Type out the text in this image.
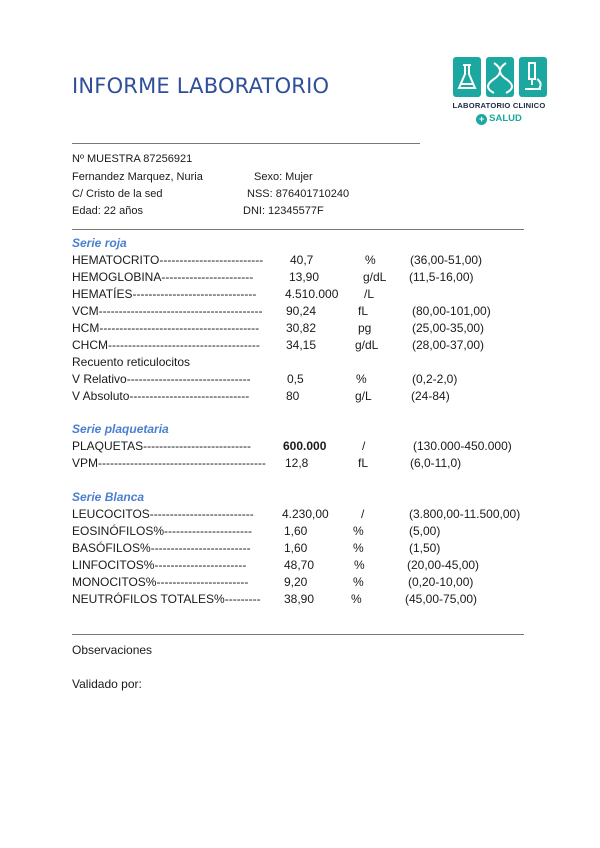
INFORME LABORATORIO
LABORATORIO CLINICO
+ SALUD
Nº MUESTRA 87256921
Fernandez Marquez, Nuria	Sexo: Mujer
C/ Cristo de la sed	NSS: 876401710240
Edad: 22 años	DNI: 12345577F
Serie roja
HEMATOCRITO-------------------------- 40,7	%	(36,00-51,00)
HEMOGLOBINA-----------------------	13,90	g/dL (11,5-16,00)
HEMATÍES------------------------------- 4.510.000 /L
VCM----------------------------------------- 90,24	fL	(80,00-101,00)
HCM---------------------------------------- 30,82	pg	(25,00-35,00)
CHCM-------------------------------------- 34,15	g/dL	(28,00-37,00)
Recuento reticulocitos
V Relativo-------------------------------	0,5	%	(0,2-2,0)
V Absoluto------------------------------	80	g/L	(24-84)
Serie plaquetaria
PLAQUETAS---------------------------	600.000	/	(130.000-450.000)
VPM------------------------------------------ 12,8	fL	(6,0-11,0)
Serie Blanca
LEUCOCITOS-------------------------- 4.230,00	/	(3.800,00-11.500,00)
EOSINÓFILOS%----------------------	1,60	%	(5,00)
BASÓFILOS%-------------------------	1,60	%	(1,50)
LINFOCITOS%-----------------------	48,70	%	(20,00-45,00)
MONOCITOS%-----------------------	9,20	%	(0,20-10,00)
NEUTRÓFILOS TOTALES%--------- 38,90	%	(45,00-75,00)
Observaciones
Validado por:
